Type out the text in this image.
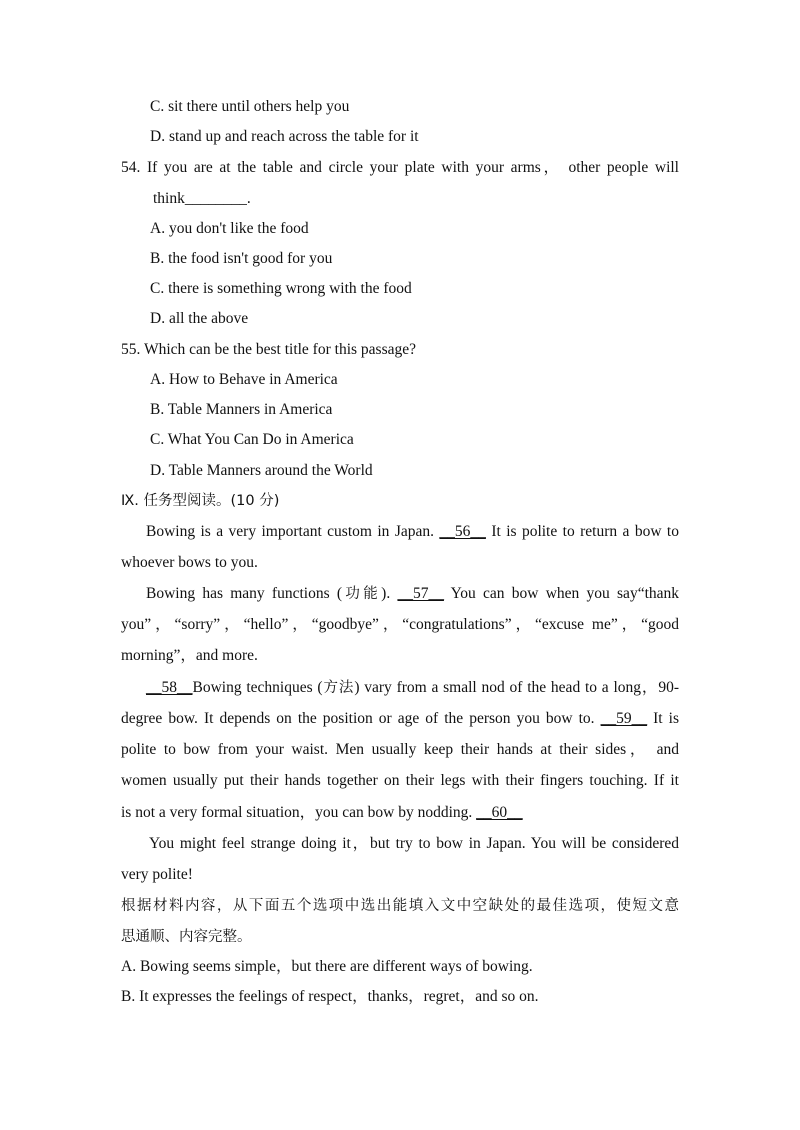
C. sit there until others help you
D. stand up and reach across the table for it
54. If you are at the table and circle your plate with your arms， other people will
think________.
A. you don't like the food
B. the food isn't good for you
C. there is something wrong with the food
D. all the above
55. Which can be the best title for this passage?
A. How to Behave in America
B. Table Manners in America
C. What You Can Do in America
D. Table Manners around the World
Ⅸ. 任务型阅读。(10 分)
Bowing is a very important custom in Japan. __56__ It is polite to return a bow to
whoever bows to you.
Bowing has many functions (功能). __57__ You can bow when you say“thank
you”，“sorry”，“hello”，“goodbye”，“congratulations”，“excuse me”，“good
morning”，and more.
__58__Bowing techniques (方法) vary from a small nod of the head to a long，90-
degree bow. It depends on the position or age of the person you bow to. __59__ It is
polite to bow from your waist. Men usually keep their hands at their sides， and
women usually put their hands together on their legs with their fingers touching. If it
is not a very formal situation，you can bow by nodding. __60__
You might feel strange doing it，but try to bow in Japan. You will be considered
very polite!
根据材料内容，从下面五个选项中选出能填入文中空缺处的最佳选项，使短文意
思通顺、内容完整。
A. Bowing seems simple，but there are different ways of bowing.
B. It expresses the feelings of respect，thanks，regret，and so on.
